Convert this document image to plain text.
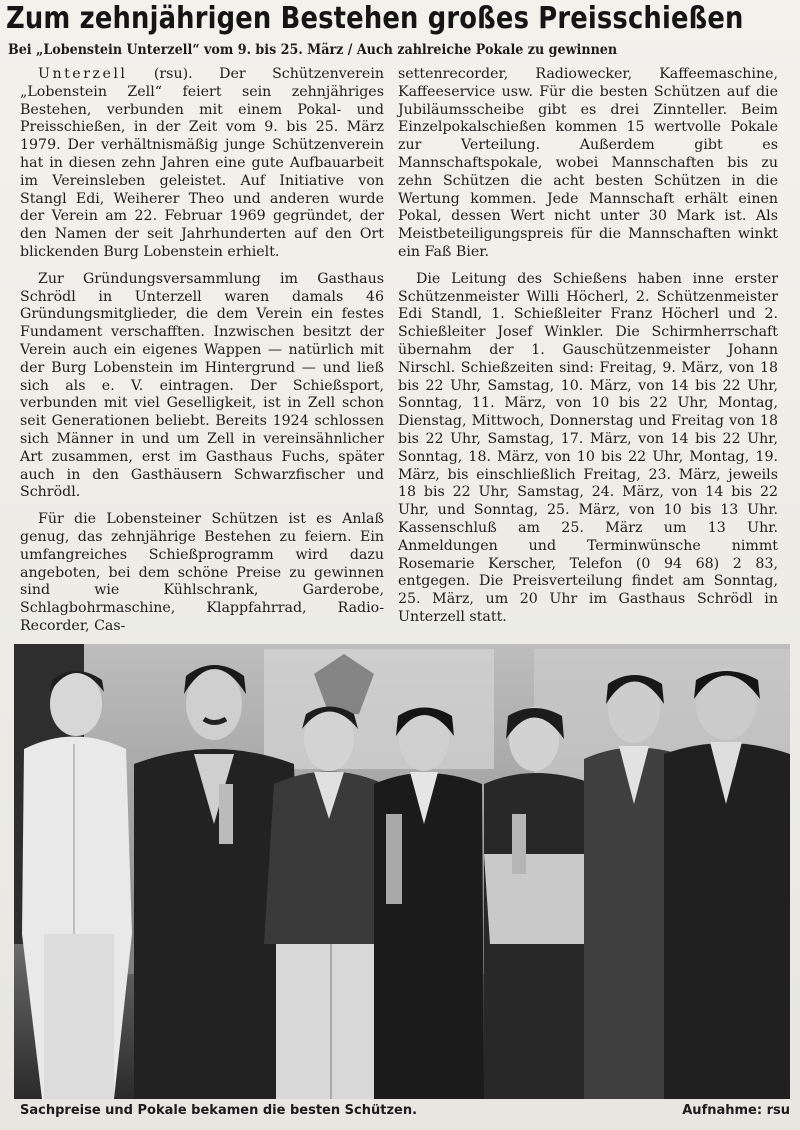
Zum zehnjährigen Bestehen großes Preisschießen
Bei „Lobenstein Unterzell“ vom 9. bis 25. März / Auch zahlreiche Pokale zu gewinnen

Unterzell (rsu). Der Schützenverein „Lobenstein Zell“ feiert sein zehnjähriges Bestehen, verbunden mit einem Pokal- und Preisschießen, in der Zeit vom 9. bis 25. März 1979. Der verhältnismäßig junge Schützenverein hat in diesen zehn Jahren eine gute Aufbauarbeit im Vereinsleben geleistet. Auf Initiative von Stangl Edi, Weiherer Theo und anderen wurde der Verein am 22. Februar 1969 gegründet, der den Namen der seit Jahrhunderten auf den Ort blickenden Burg Lobenstein erhielt.

Zur Gründungsversammlung im Gasthaus Schrödl in Unterzell waren damals 46 Gründungsmitglieder, die dem Verein ein festes Fundament verschafften. Inzwischen besitzt der Verein auch ein eigenes Wappen — natürlich mit der Burg Lobenstein im Hintergrund — und ließ sich als e. V. eintragen. Der Schießsport, verbunden mit viel Geselligkeit, ist in Zell schon seit Generationen beliebt. Bereits 1924 schlossen sich Männer in und um Zell in vereinsähnlicher Art zusammen, erst im Gasthaus Fuchs, später auch in den Gasthäusern Schwarzfischer und Schrödl.

Für die Lobensteiner Schützen ist es Anlaß genug, das zehnjährige Bestehen zu feiern. Ein umfangreiches Schießprogramm wird dazu angeboten, bei dem schöne Preise zu gewinnen sind wie Kühlschrank, Garderobe, Schlagbohrmaschine, Klappfahrrad, Radio-Recorder, Cas-

settenrecorder, Radiowecker, Kaffeemaschine, Kaffeeservice usw. Für die besten Schützen auf die Jubiläumsscheibe gibt es drei Zinnteller. Beim Einzelpokalschießen kommen 15 wertvolle Pokale zur Verteilung. Außerdem gibt es Mannschaftspokale, wobei Mannschaften bis zu zehn Schützen die acht besten Schützen in die Wertung kommen. Jede Mannschaft erhält einen Pokal, dessen Wert nicht unter 30 Mark ist. Als Meistbeteiligungspreis für die Mannschaften winkt ein Faß Bier.

Die Leitung des Schießens haben inne erster Schützenmeister Willi Höcherl, 2. Schützenmeister Edi Standl, 1. Schießleiter Franz Höcherl und 2. Schießleiter Josef Winkler. Die Schirmherrschaft übernahm der 1. Gauschützenmeister Johann Nirschl. Schießzeiten sind: Freitag, 9. März, von 18 bis 22 Uhr, Samstag, 10. März, von 14 bis 22 Uhr, Sonntag, 11. März, von 10 bis 22 Uhr, Montag, Dienstag, Mittwoch, Donnerstag und Freitag von 18 bis 22 Uhr, Samstag, 17. März, von 14 bis 22 Uhr, Sonntag, 18. März, von 10 bis 22 Uhr, Montag, 19. März, bis einschließlich Freitag, 23. März, jeweils 18 bis 22 Uhr, Samstag, 24. März, von 14 bis 22 Uhr, und Sonntag, 25. März, von 10 bis 13 Uhr. Kassenschluß am 25. März um 13 Uhr. Anmeldungen und Terminwünsche nimmt Rosemarie Kerscher, Telefon (0 94 68) 2 83, entgegen. Die Preisverteilung findet am Sonntag, 25. März, um 20 Uhr im Gasthaus Schrödl in Unterzell statt.

Sachpreise und Pokale bekamen die besten Schützen.	Aufnahme: rsu
